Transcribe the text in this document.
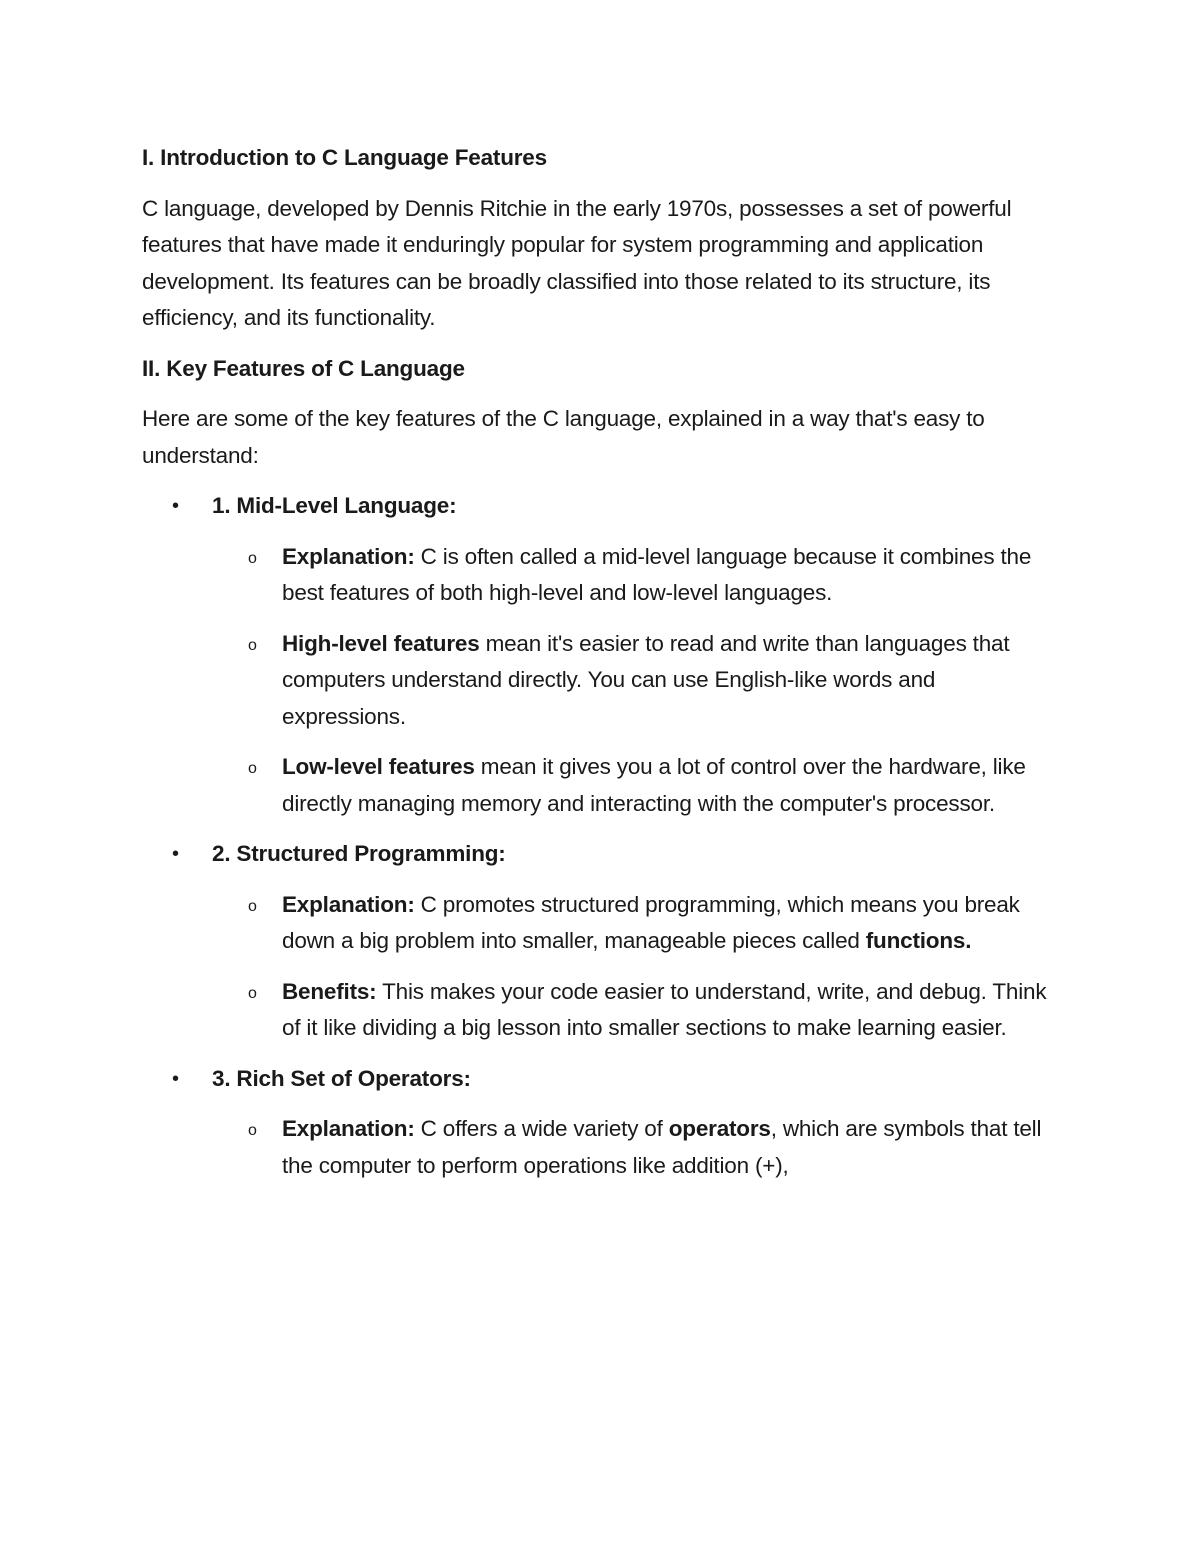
I. Introduction to C Language Features

C language, developed by Dennis Ritchie in the early 1970s, possesses a set of powerful features that have made it enduringly popular for system programming and application development. Its features can be broadly classified into those related to its structure, its efficiency, and its functionality.

II. Key Features of C Language

Here are some of the key features of the C language, explained in a way that's easy to understand:

• 1. Mid-Level Language:
o Explanation: C is often called a mid-level language because it combines the best features of both high-level and low-level languages.
o High-level features mean it's easier to read and write than languages that computers understand directly. You can use English-like words and expressions.
o Low-level features mean it gives you a lot of control over the hardware, like directly managing memory and interacting with the computer's processor.
• 2. Structured Programming:
o Explanation: C promotes structured programming, which means you break down a big problem into smaller, manageable pieces called functions.
o Benefits: This makes your code easier to understand, write, and debug. Think of it like dividing a big lesson into smaller sections to make learning easier.
• 3. Rich Set of Operators:
o Explanation: C offers a wide variety of operators, which are symbols that tell the computer to perform operations like addition (+),
